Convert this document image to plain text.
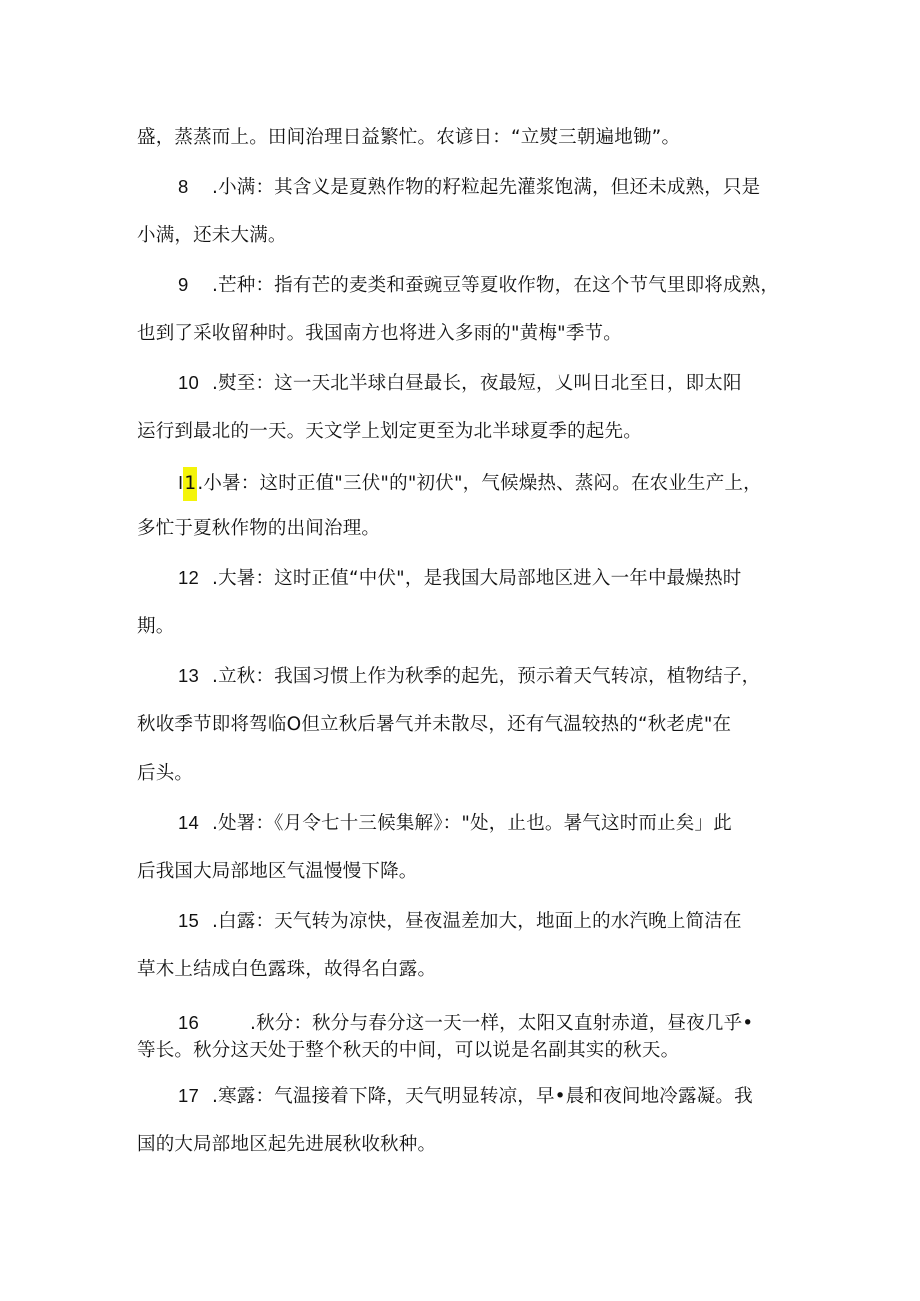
盛，蒸蒸而上。田间治理日益繁忙。农谚日：“立熨三朝遍地锄”。
8 .小满：其含义是夏熟作物的籽粒起先灌浆饱满，但还未成熟，只是
小满，还未大满。
9 .芒种：指有芒的麦类和蚕豌豆等夏收作物，在这个节气里即将成熟，
也到了采收留种时。我国南方也将进入多雨的"黄梅"季节。
10 .熨至：这一天北半球白昼最长，夜最短，乂叫日北至日，即太阳
运行到最北的一天。天文学上划定更至为北半球夏季的起先。
I1.小暑：这时正值"三伏"的"初伏"，气候燥热、蒸闷。在农业生产上，
多忙于夏秋作物的出间治理。
12 .大暑：这时正值“中伏"，是我国大局部地区进入一年中最燥热时
期。
13 .立秋：我国习惯上作为秋季的起先，预示着天气转凉，植物结子，
秋收季节即将驾临O但立秋后暑气并未散尽，还有气温较热的“秋老虎"在
后头。
14 .处署：《月令七十三候集解》："处，止也。暑气这时而止矣」此
后我国大局部地区气温慢慢下降。
15 .白露：天气转为凉快，昼夜温差加大，地面上的水汽晚上简洁在
草木上结成白色露珠，故得名白露。
16	.秋分：秋分与春分这一天一样，太阳又直射赤道，昼夜几乎•
等长。秋分这天处于整个秋天的中间，可以说是名副其实的秋天。
17 .寒露：气温接着下降，天气明显转凉，早•晨和夜间地冷露凝。我
国的大局部地区起先进展秋收秋种。
